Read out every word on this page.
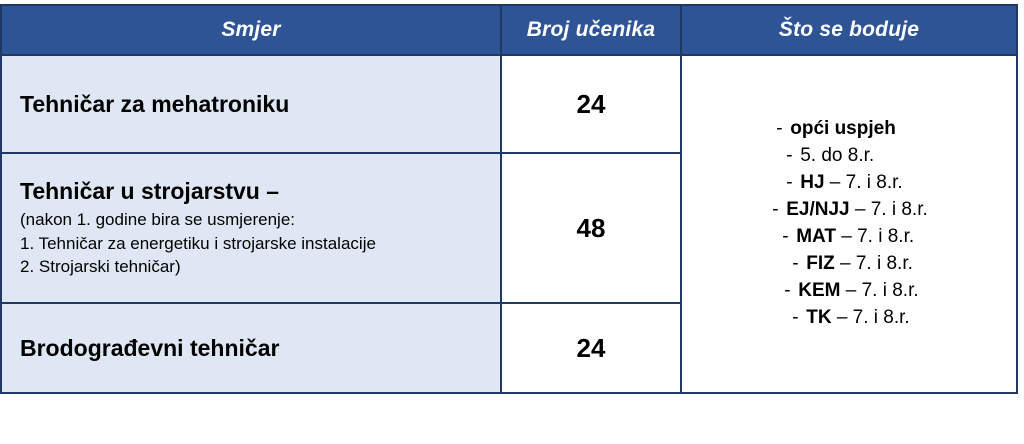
Smjer	Broj učenika	Što se boduje

Tehničar za mehatroniku	24	
- opći uspjeh
- 5. do 8.r.
- HJ – 7. i 8.r.
- EJ/NJJ – 7. i 8.r.
- MAT – 7. i 8.r.
- FIZ – 7. i 8.r.
- KEM – 7. i 8.r.
- TK – 7. i 8.r.

Tehničar u strojarstvu –
(nakon 1. godine bira se usmjerenje:
1. Tehničar za energetiku i strojarske instalacije
2. Strojarski tehničar)	48	

Brodograđevni tehničar	24	
